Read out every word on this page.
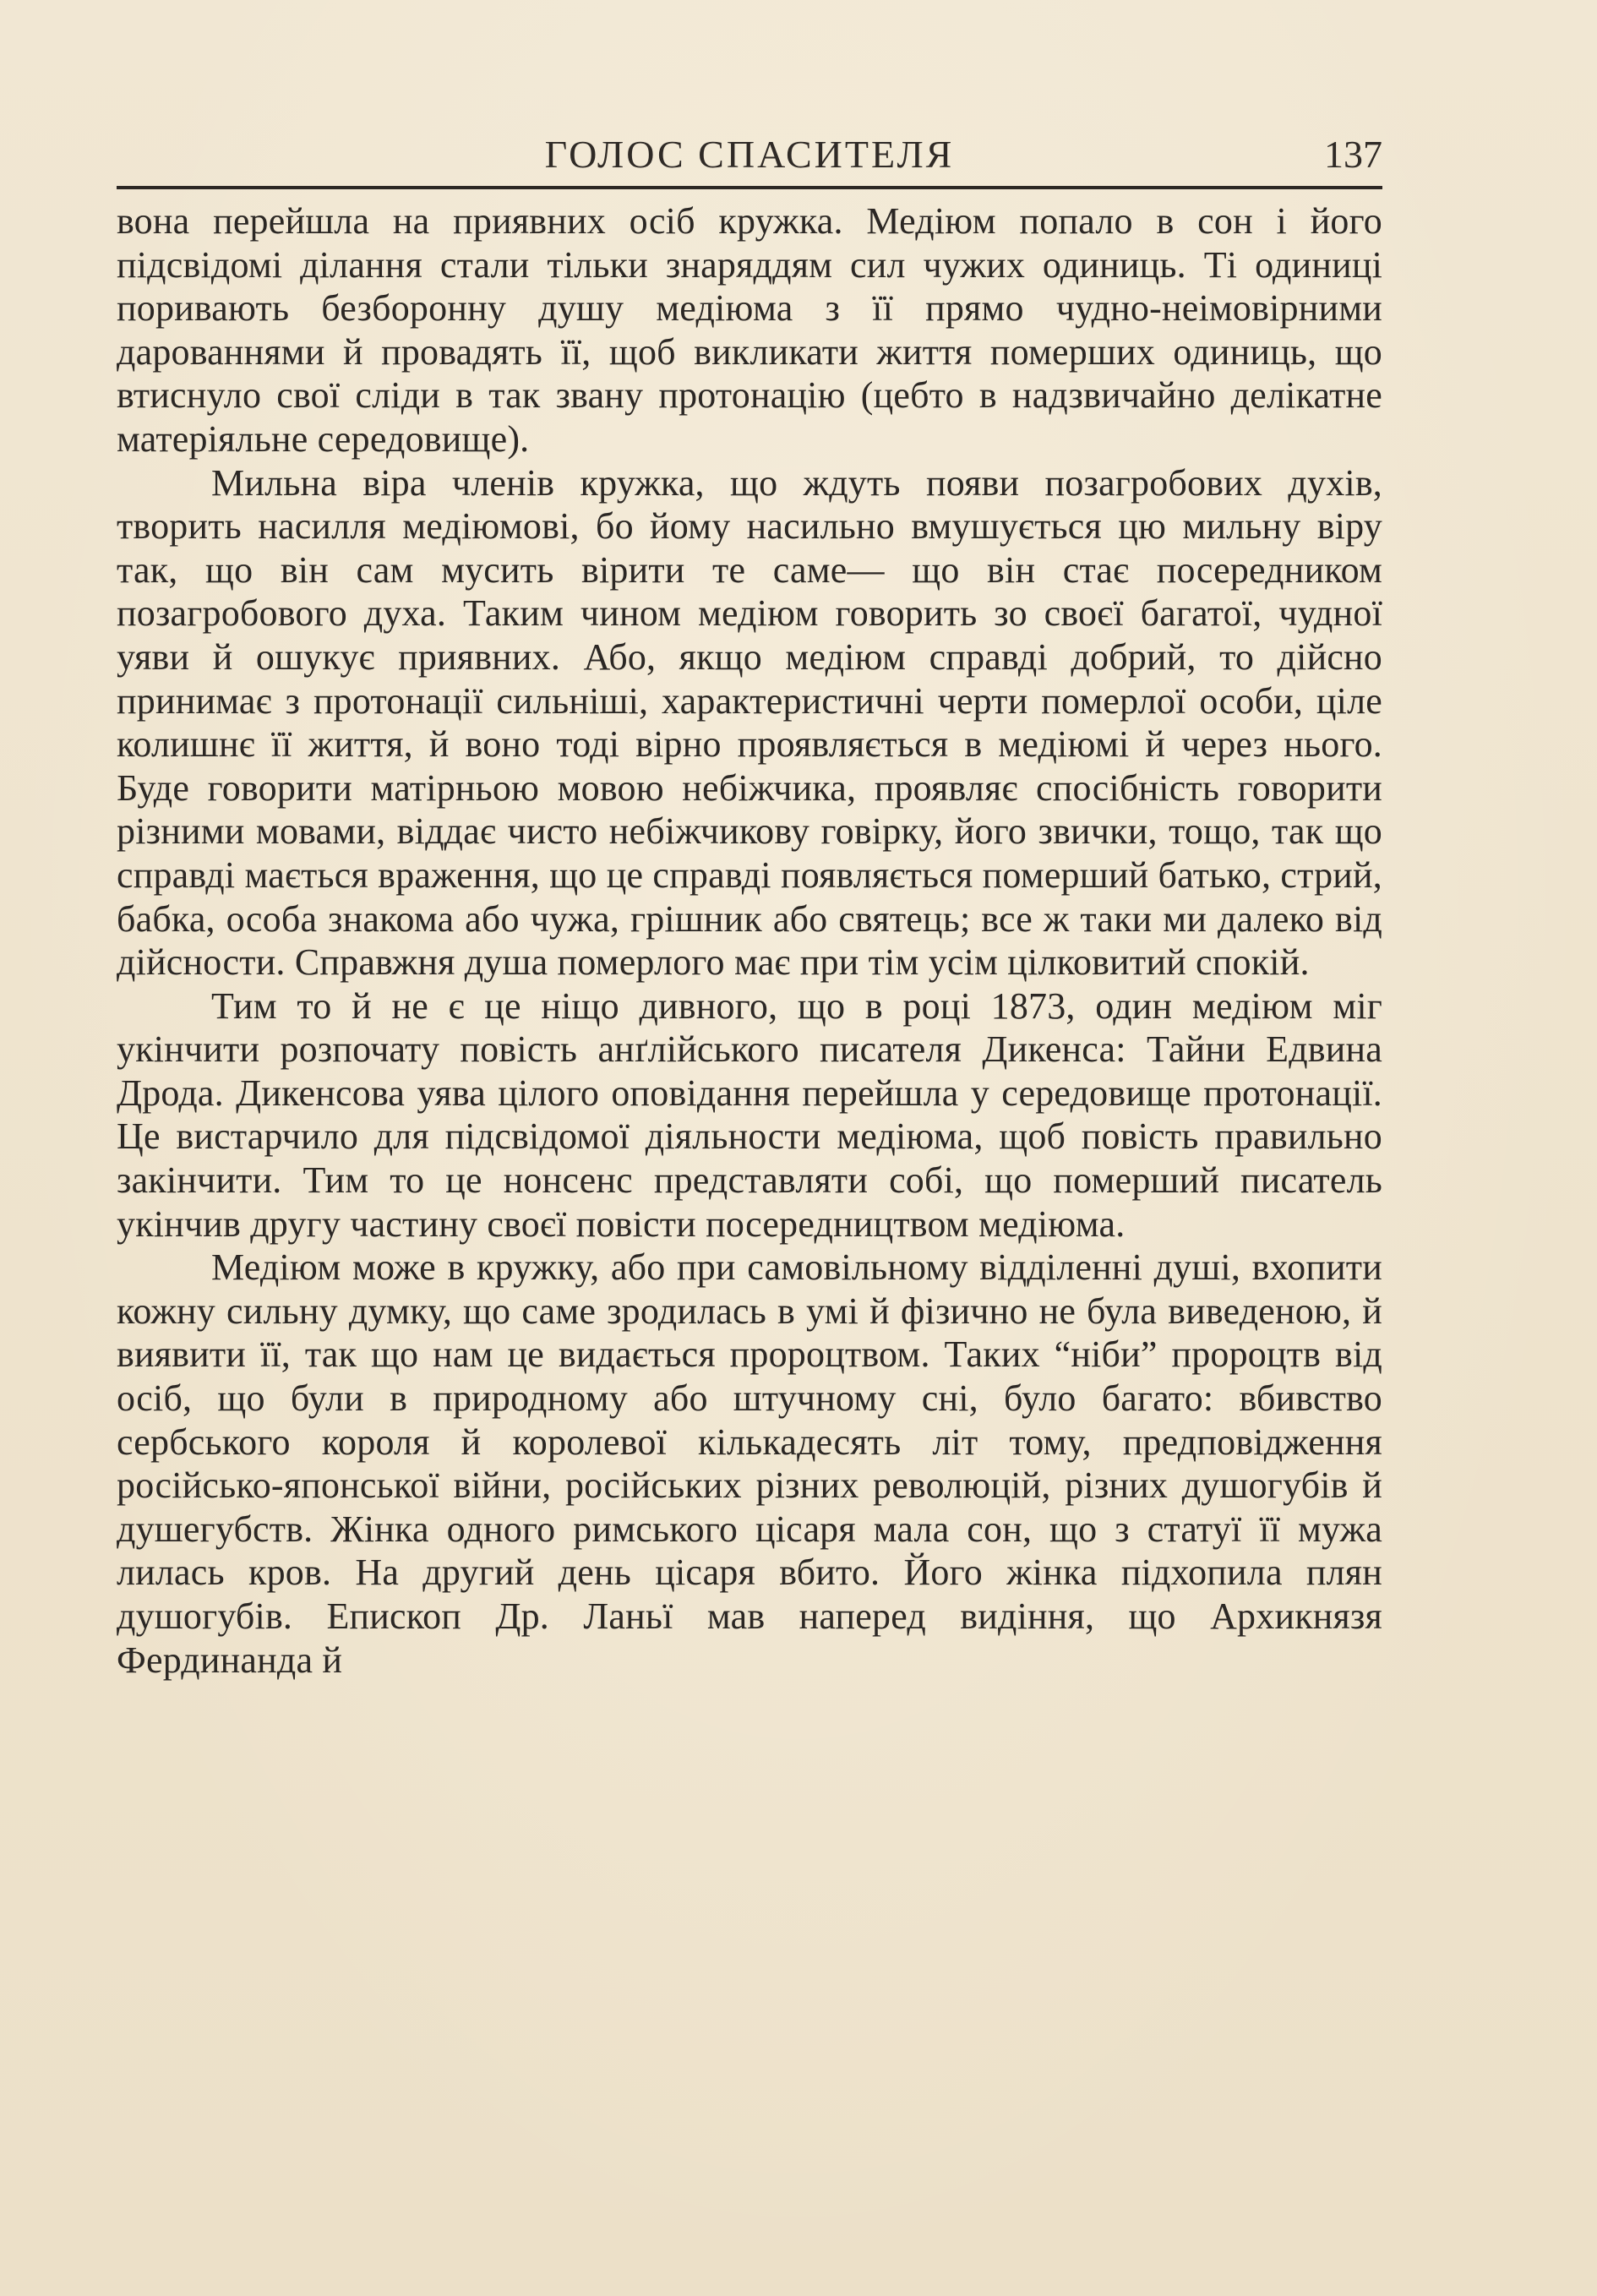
ГОЛОС СПАСИТЕЛЯ	137

вона перейшла на приявних осіб кружка. Медіюм попало в сон і його підсвідомі ділання стали тільки знаряддям сил чужих одиниць. Ті одиниці поривають безборонну душу медіюма з її прямо чудно-неімовірними дарованнями й провадять її, щоб викликати життя померших одиниць, що втиснуло свої сліди в так звану протонацію (цебто в надзвичайно делікатне матеріяльне середовище).

Мильна віра членів кружка, що ждуть появи позагробових духів, творить насилля медіюмові, бо йому насильно вмушується цю мильну віру так, що він сам мусить вірити те саме— що він стає посередником позагробового духа. Таким чином медіюм говорить зо своєї багатої, чудної уяви й ошукує приявних. Або, якщо медіюм справді добрий, то дійсно принимає з протонації сильніші, характеристичні черти померлої особи, ціле колишнє її життя, й воно тоді вірно проявляється в медіюмі й через нього. Буде говорити матірньою мовою небіжчика, проявляє спосібність говорити різними мовами, віддає чисто небіжчикову говірку, його звички, тощо, так що справді мається враження, що це справді появляється померший батько, стрий, бабка, особа знакома або чужа, грішник або святець; все ж таки ми далеко від дійсности. Справжня душа померлого має при тім усім цілковитий спокій.

Тим то й не є це ніщо дивного, що в році 1873, один медіюм міг укінчити розпочату повість анґлійського писателя Дикенса: Тайни Едвина Дрода. Дикенсова уява цілого оповідання перейшла у середовище протонації. Це вистарчило для підсвідомої діяльности медіюма, щоб повість правильно закінчити. Тим то це нонсенс представляти собі, що померший писатель укінчив другу частину своєї повісти посередництвом медіюма.

Медіюм може в кружку, або при самовільному відділенні душі, вхопити кожну сильну думку, що саме зродилась в умі й фізично не була виведеною, й виявити її, так що нам це видається пророцтвом. Таких “ніби” пророцтв від осіб, що були в природному або штучному сні, було багато: вбивство сербського короля й королевої кількадесять літ тому, предповідження російсько-японської війни, російських різних революцій, різних душогубів й душегубств. Жінка одного римського цісаря мала сон, що з статуї її мужа лилась кров. На другий день цісаря вбито. Його жінка підхопила плян душогубів. Епископ Др. Ланьї мав наперед видіння, що Архикнязя Фердинанда й
